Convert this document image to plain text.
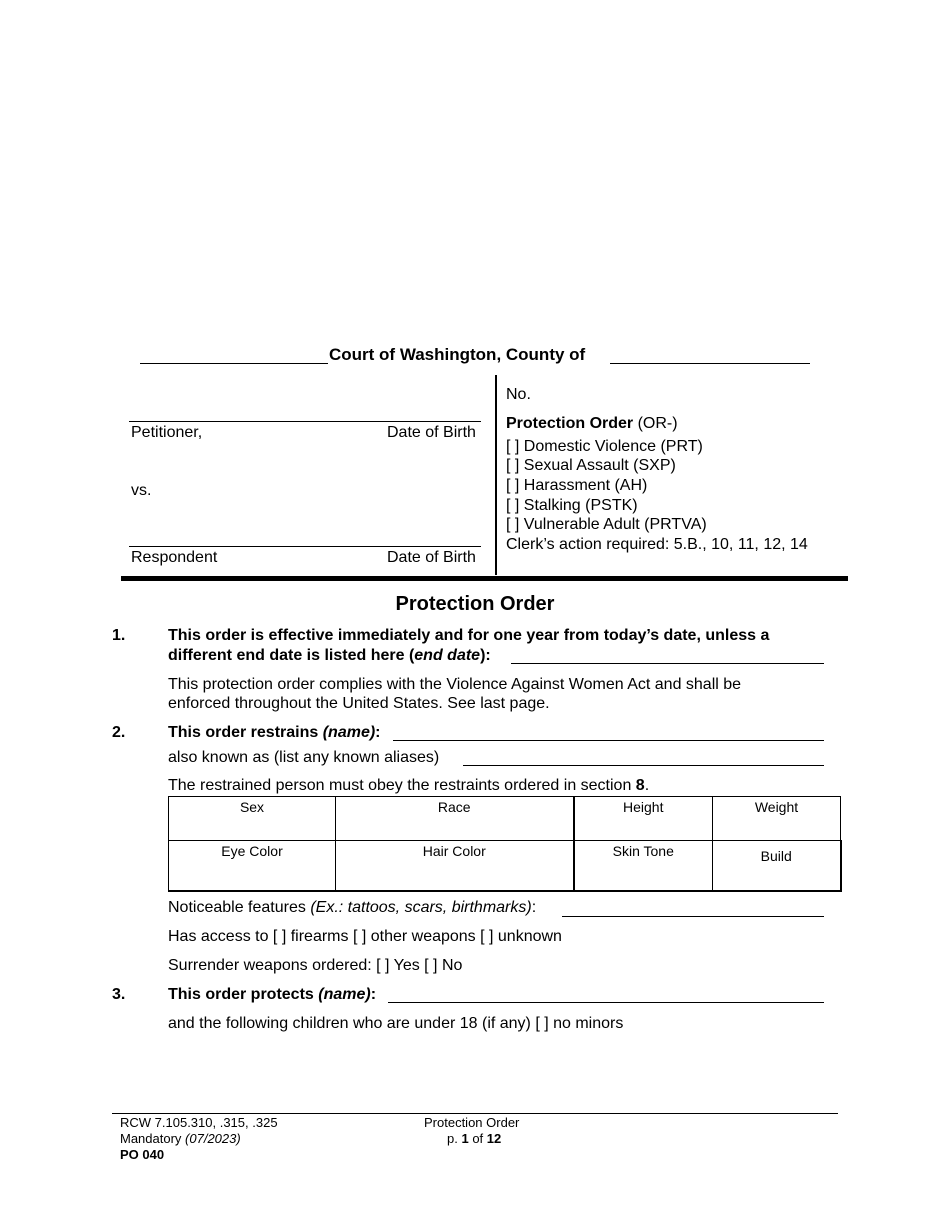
Court of Washington, County of
Petitioner,	Date of Birth
vs.
Respondent	Date of Birth
No.
Protection Order (OR-)
[ ] Domestic Violence (PRT)
[ ] Sexual Assault (SXP)
[ ] Harassment (AH)
[ ] Stalking (PSTK)
[ ] Vulnerable Adult (PRTVA)
Clerk’s action required: 5.B., 10, 11, 12, 14
Protection Order
1.	This order is effective immediately and for one year from today’s date, unless a
different end date is listed here (end date):
This protection order complies with the Violence Against Women Act and shall be
enforced throughout the United States. See last page.
2.	This order restrains (name):
also known as (list any known aliases)
The restrained person must obey the restraints ordered in section 8.
Sex	Race	Height	Weight
Eye Color	Hair Color	Skin Tone	Build
Noticeable features (Ex.: tattoos, scars, birthmarks):
Has access to [ ] firearms [ ] other weapons [ ] unknown
Surrender weapons ordered: [ ] Yes [ ] No
3.	This order protects (name):
and the following children who are under 18 (if any) [ ] no minors
RCW 7.105.310, .315, .325
Mandatory (07/2023)
PO 040
Protection Order
p. 1 of 12
